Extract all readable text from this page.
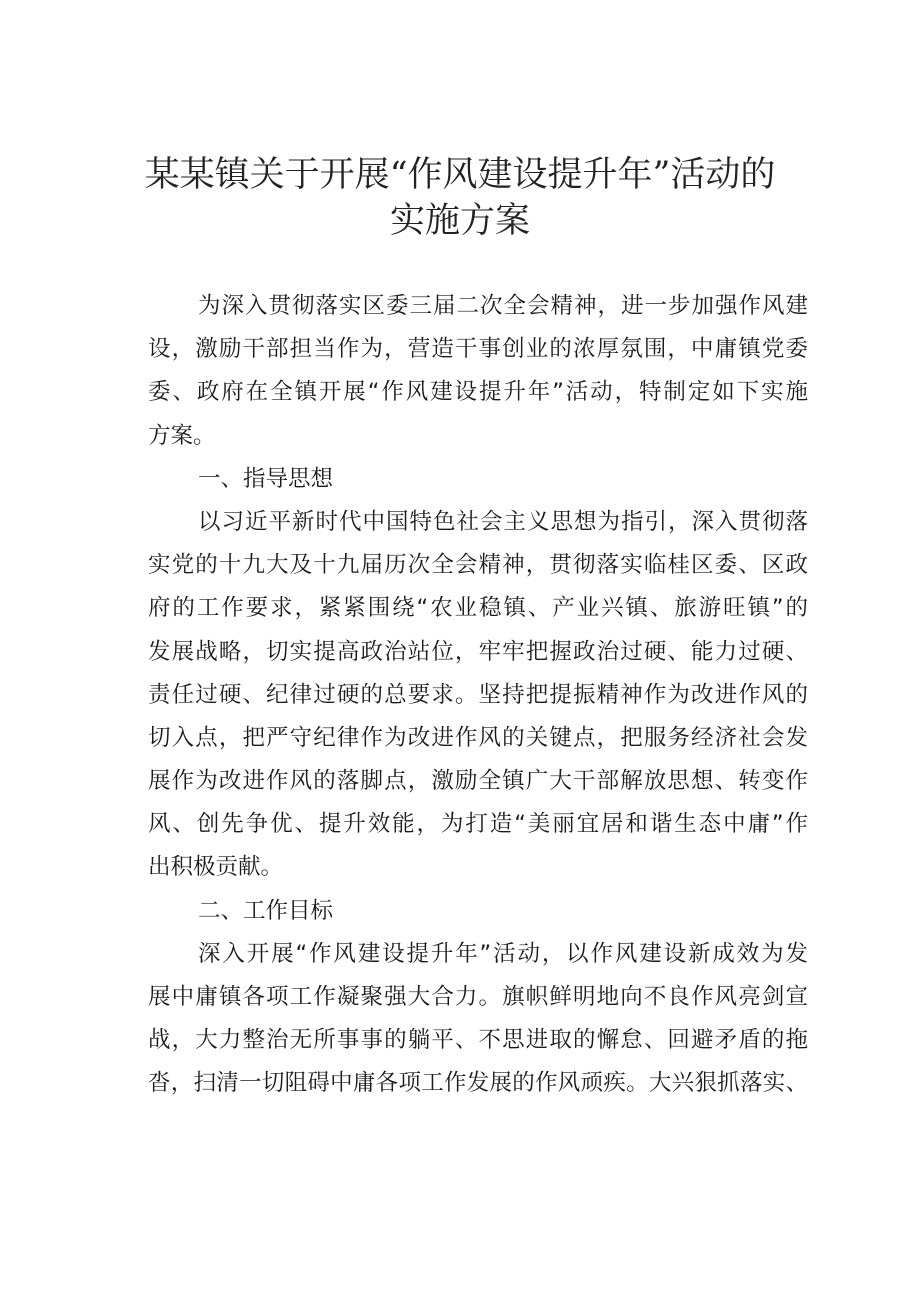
某某镇关于开展“作风建设提升年”活动的
实施方案
为深入贯彻落实区委三届二次全会精神，进一步加强作风建
设，激励干部担当作为，营造干事创业的浓厚氛围，中庸镇党委
委、政府在全镇开展“作风建设提升年”活动，特制定如下实施
方案。
一、指导思想
以习近平新时代中国特色社会主义思想为指引，深入贯彻落
实党的十九大及十九届历次全会精神，贯彻落实临桂区委、区政
府的工作要求，紧紧围绕“农业稳镇、产业兴镇、旅游旺镇”的
发展战略，切实提高政治站位，牢牢把握政治过硬、能力过硬、
责任过硬、纪律过硬的总要求。坚持把提振精神作为改进作风的
切入点，把严守纪律作为改进作风的关键点，把服务经济社会发
展作为改进作风的落脚点，激励全镇广大干部解放思想、转变作
风、创先争优、提升效能，为打造“美丽宜居和谐生态中庸”作
出积极贡献。
二、工作目标
深入开展“作风建设提升年”活动，以作风建设新成效为发
展中庸镇各项工作凝聚强大合力。旗帜鲜明地向不良作风亮剑宣
战，大力整治无所事事的躺平、不思进取的懈怠、回避矛盾的拖
沓，扫清一切阻碍中庸各项工作发展的作风顽疾。大兴狠抓落实、
